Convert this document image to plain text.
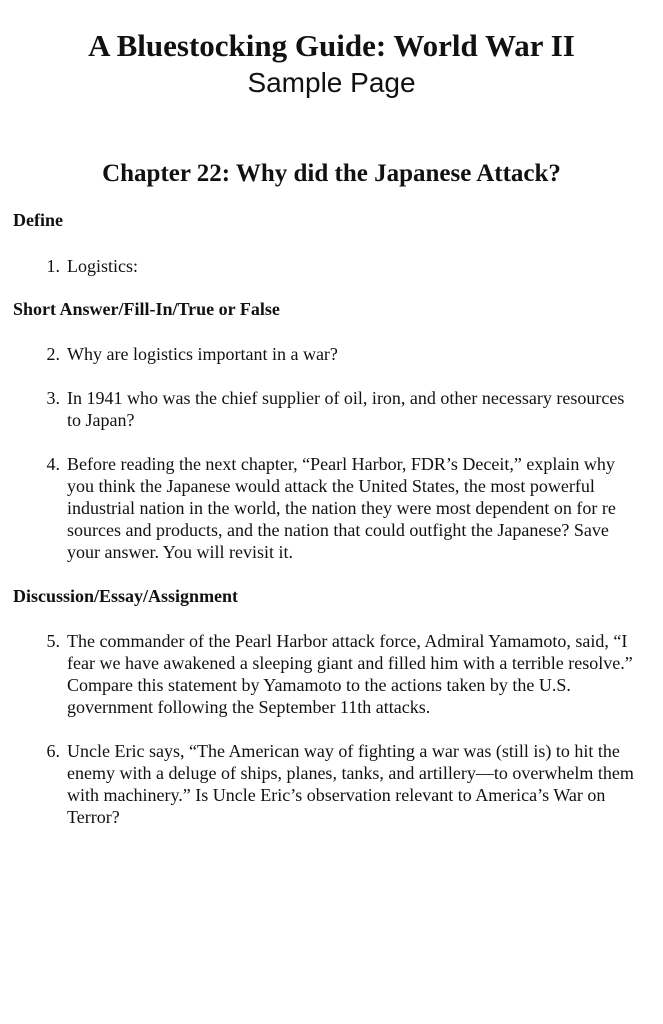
A Bluestocking Guide: World War II
Sample Page
Chapter 22: Why did the Japanese Attack?
Define
1. Logistics:

Short Answer/Fill-In/True or False
2. Why are logistics important in a war?

3. In 1941 who was the chief supplier of oil, iron, and other necessary resources
to Japan?

4. Before reading the next chapter, “Pearl Harbor, FDR’s Deceit,” explain why
you think the Japanese would attack the United States, the most powerful
industrial nation in the world, the nation they were most dependent on for re
sources and products, and the nation that could outfight the Japanese? Save
your answer. You will revisit it.

Discussion/Essay/Assignment
5. The commander of the Pearl Harbor attack force, Admiral Yamamoto, said, “I
fear we have awakened a sleeping giant and filled him with a terrible resolve.”
Compare this statement by Yamamoto to the actions taken by the U.S.
government following the September 11th attacks.

6. Uncle Eric says, “The American way of fighting a war was (still is) to hit the
enemy with a deluge of ships, planes, tanks, and artillery—to overwhelm them
with machinery.” Is Uncle Eric’s observation relevant to America’s War on
Terror?
